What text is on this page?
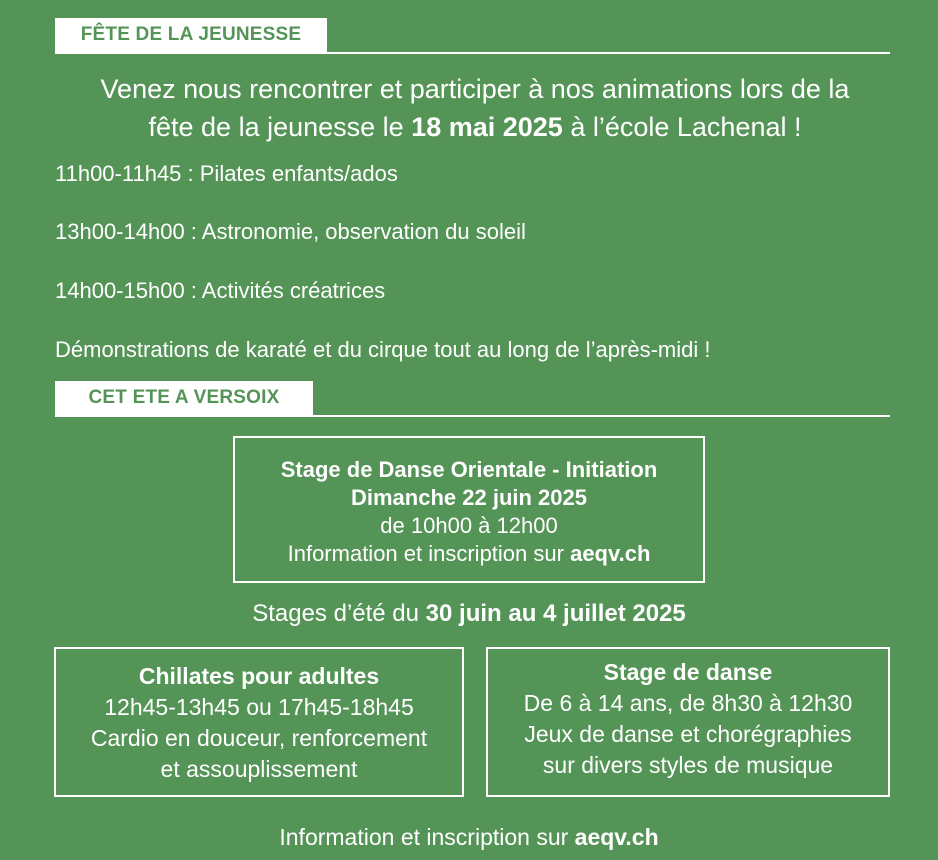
FÊTE DE LA JEUNESSE
Venez nous rencontrer et participer à nos animations lors de la
fête de la jeunesse le 18 mai 2025 à l’école Lachenal !
11h00-11h45 : Pilates enfants/ados
13h00-14h00 : Astronomie, observation du soleil
14h00-15h00 : Activités créatrices
Démonstrations de karaté et du cirque tout au long de l’après-midi !
CET ETE A VERSOIX
Stage de Danse Orientale - Initiation
Dimanche 22 juin 2025
de 10h00 à 12h00
Information et inscription sur aeqv.ch
Stages d’été du 30 juin au 4 juillet 2025
Chillates pour adultes
12h45-13h45 ou 17h45-18h45
Cardio en douceur, renforcement
et assouplissement
Stage de danse
De 6 à 14 ans, de 8h30 à 12h30
Jeux de danse et chorégraphies
sur divers styles de musique
Information et inscription sur aeqv.ch
